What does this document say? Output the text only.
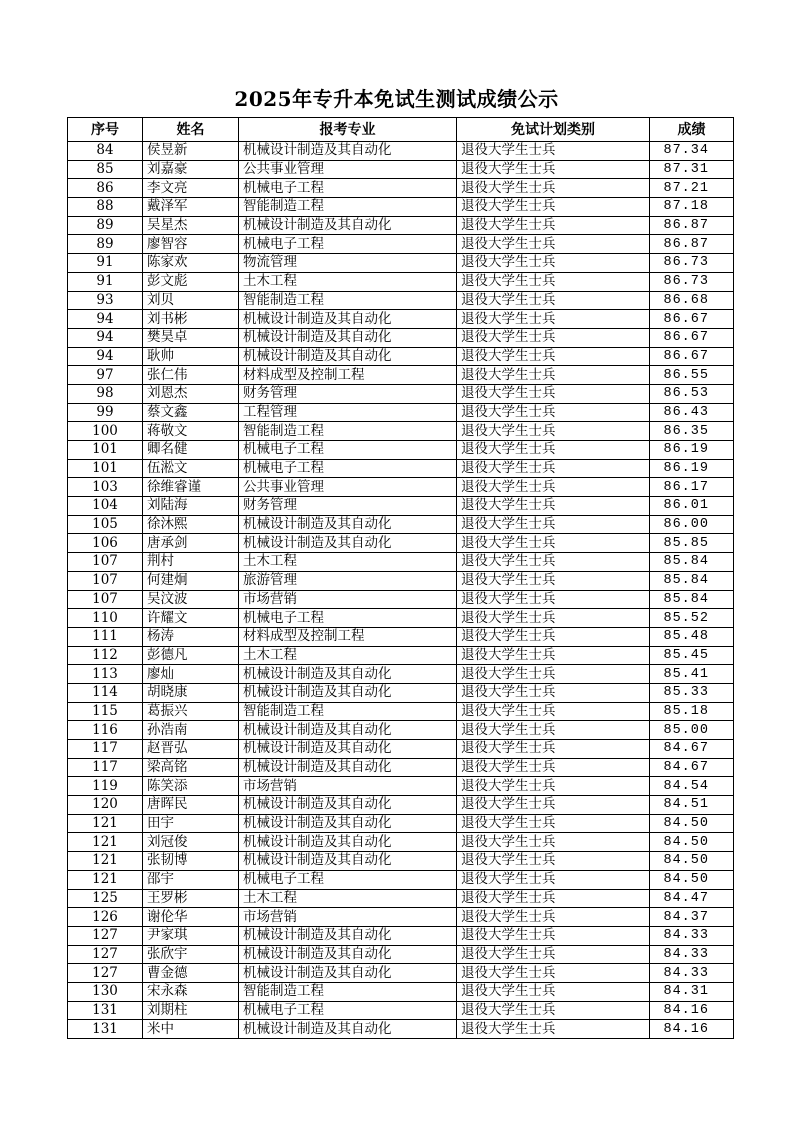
2025年专升本免试生测试成绩公示
序号	姓名	报考专业	免试计划类别	成绩
84	侯昱新	机械设计制造及其自动化	退役大学生士兵	87.34
85	刘嘉豪	公共事业管理	退役大学生士兵	87.31
86	李文亮	机械电子工程	退役大学生士兵	87.21
88	戴泽军	智能制造工程	退役大学生士兵	87.18
89	吴星杰	机械设计制造及其自动化	退役大学生士兵	86.87
89	廖智容	机械电子工程	退役大学生士兵	86.87
91	陈家欢	物流管理	退役大学生士兵	86.73
91	彭文彪	土木工程	退役大学生士兵	86.73
93	刘贝	智能制造工程	退役大学生士兵	86.68
94	刘书彬	机械设计制造及其自动化	退役大学生士兵	86.67
94	樊昊卓	机械设计制造及其自动化	退役大学生士兵	86.67
94	耿帅	机械设计制造及其自动化	退役大学生士兵	86.67
97	张仁伟	材料成型及控制工程	退役大学生士兵	86.55
98	刘恩杰	财务管理	退役大学生士兵	86.53
99	蔡文鑫	工程管理	退役大学生士兵	86.43
100	蒋敬文	智能制造工程	退役大学生士兵	86.35
101	卿名健	机械电子工程	退役大学生士兵	86.19
101	伍淞文	机械电子工程	退役大学生士兵	86.19
103	徐维睿谨	公共事业管理	退役大学生士兵	86.17
104	刘陆海	财务管理	退役大学生士兵	86.01
105	徐沐熙	机械设计制造及其自动化	退役大学生士兵	86.00
106	唐承剑	机械设计制造及其自动化	退役大学生士兵	85.85
107	荆村	土木工程	退役大学生士兵	85.84
107	何建炯	旅游管理	退役大学生士兵	85.84
107	吴汶波	市场营销	退役大学生士兵	85.84
110	许耀文	机械电子工程	退役大学生士兵	85.52
111	杨涛	材料成型及控制工程	退役大学生士兵	85.48
112	彭德凡	土木工程	退役大学生士兵	85.45
113	廖灿	机械设计制造及其自动化	退役大学生士兵	85.41
114	胡晓康	机械设计制造及其自动化	退役大学生士兵	85.33
115	葛振兴	智能制造工程	退役大学生士兵	85.18
116	孙浩南	机械设计制造及其自动化	退役大学生士兵	85.00
117	赵晋弘	机械设计制造及其自动化	退役大学生士兵	84.67
117	梁高铭	机械设计制造及其自动化	退役大学生士兵	84.67
119	陈笑添	市场营销	退役大学生士兵	84.54
120	唐晖民	机械设计制造及其自动化	退役大学生士兵	84.51
121	田宇	机械设计制造及其自动化	退役大学生士兵	84.50
121	刘冠俊	机械设计制造及其自动化	退役大学生士兵	84.50
121	张韧博	机械设计制造及其自动化	退役大学生士兵	84.50
121	邵宇	机械电子工程	退役大学生士兵	84.50
125	王罗彬	土木工程	退役大学生士兵	84.47
126	谢伦华	市场营销	退役大学生士兵	84.37
127	尹家琪	机械设计制造及其自动化	退役大学生士兵	84.33
127	张欣宇	机械设计制造及其自动化	退役大学生士兵	84.33
127	曹金德	机械设计制造及其自动化	退役大学生士兵	84.33
130	宋永森	智能制造工程	退役大学生士兵	84.31
131	刘期柱	机械电子工程	退役大学生士兵	84.16
131	米中	机械设计制造及其自动化	退役大学生士兵	84.16
